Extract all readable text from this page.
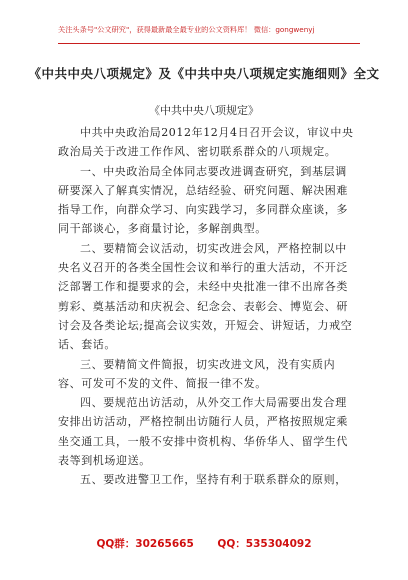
关注头条号"公文研究"，获得最新最全最专业的公文资料库！ 微信：gongwenyj
《中共中央八项规定》及《中共中央八项规定实施细则》全文
《中共中央八项规定》

中共中央政治局2012年12月4日召开会议，审议中央政治局关于改进工作作风、密切联系群众的八项规定。

一、中央政治局全体同志要改进调查研究，到基层调研要深入了解真实情况，总结经验、研究问题、解决困难指导工作，向群众学习、向实践学习，多同群众座谈，多同干部谈心，多商量讨论，多解剖典型。

二、要精简会议活动，切实改进会风，严格控制以中央名义召开的各类全国性会议和举行的重大活动，不开泛泛部署工作和提要求的会，未经中央批准一律不出席各类剪彩、奠基活动和庆祝会、纪念会、表彰会、博览会、研讨会及各类论坛;提高会议实效，开短会、讲短话，力戒空话、套话。

三、要精简文件简报，切实改进文风，没有实质内容、可发可不发的文件、简报一律不发。

四、要规范出访活动，从外交工作大局需要出发合理安排出访活动，严格控制出访随行人员，严格按照规定乘坐交通工具，一般不安排中资机构、华侨华人、留学生代表等到机场迎送。

五、要改进警卫工作，坚持有利于联系群众的原则，

QQ群：30265665 QQ：535304092
